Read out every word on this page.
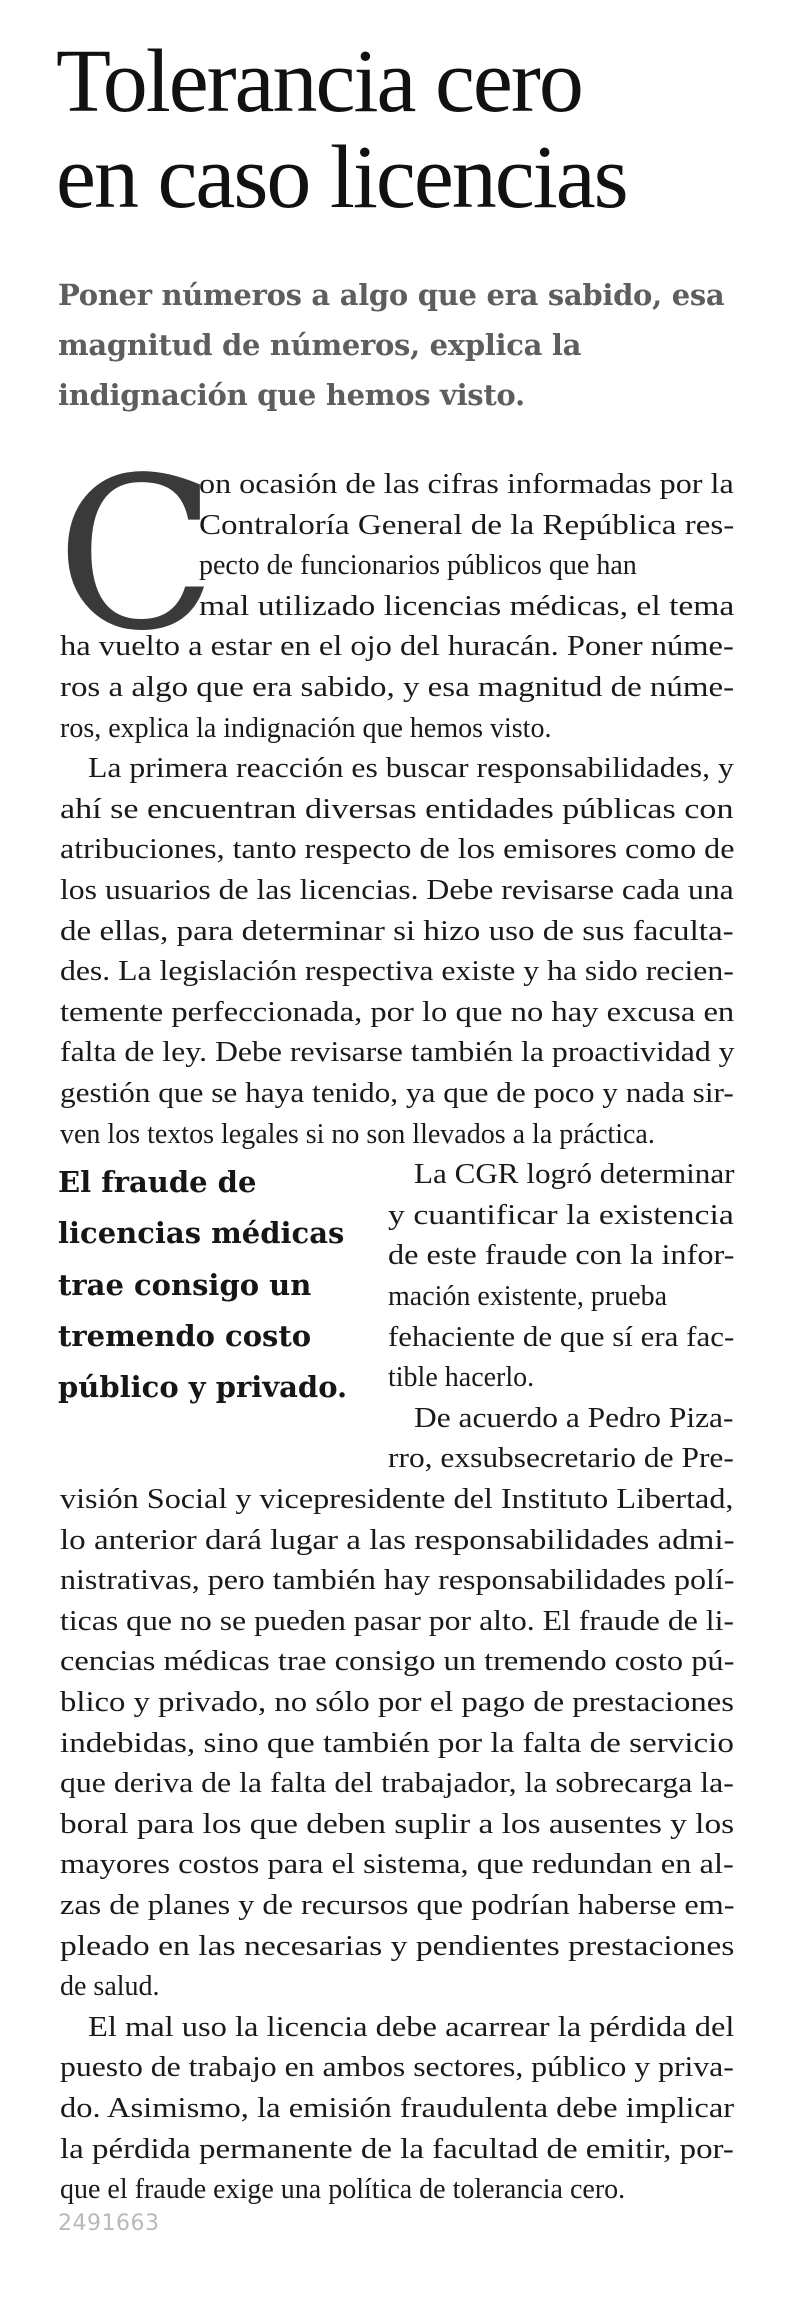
Tolerancia cero
en caso licencias

Poner números a algo que era sabido, esa
magnitud de números, explica la
indignación que hemos visto.

C
on ocasión de las cifras informadas por la
Contraloría General de la República res-
pecto de funcionarios públicos que han
mal utilizado licencias médicas, el tema
ha vuelto a estar en el ojo del huracán. Poner núme-
ros a algo que era sabido, y esa magnitud de núme-
ros, explica la indignación que hemos visto.
La primera reacción es buscar responsabilidades, y
ahí se encuentran diversas entidades públicas con
atribuciones, tanto respecto de los emisores como de
los usuarios de las licencias. Debe revisarse cada una
de ellas, para determinar si hizo uso de sus faculta-
des. La legislación respectiva existe y ha sido recien-
temente perfeccionada, por lo que no hay excusa en
falta de ley. Debe revisarse también la proactividad y
gestión que se haya tenido, ya que de poco y nada sir-
ven los textos legales si no son llevados a la práctica.
La CGR logró determinar
y cuantificar la existencia
de este fraude con la infor-
mación existente, prueba
fehaciente de que sí era fac-
tible hacerlo.
De acuerdo a Pedro Piza-
rro, exsubsecretario de Pre-
visión Social y vicepresidente del Instituto Libertad,
lo anterior dará lugar a las responsabilidades admi-
nistrativas, pero también hay responsabilidades polí-
ticas que no se pueden pasar por alto. El fraude de li-
cencias médicas trae consigo un tremendo costo pú-
blico y privado, no sólo por el pago de prestaciones
indebidas, sino que también por la falta de servicio
que deriva de la falta del trabajador, la sobrecarga la-
boral para los que deben suplir a los ausentes y los
mayores costos para el sistema, que redundan en al-
zas de planes y de recursos que podrían haberse em-
pleado en las necesarias y pendientes prestaciones
de salud.
El mal uso la licencia debe acarrear la pérdida del
puesto de trabajo en ambos sectores, público y priva-
do. Asimismo, la emisión fraudulenta debe implicar
la pérdida permanente de la facultad de emitir, por-
que el fraude exige una política de tolerancia cero.

El fraude de
licencias médicas
trae consigo un
tremendo costo
público y privado.

2491663
